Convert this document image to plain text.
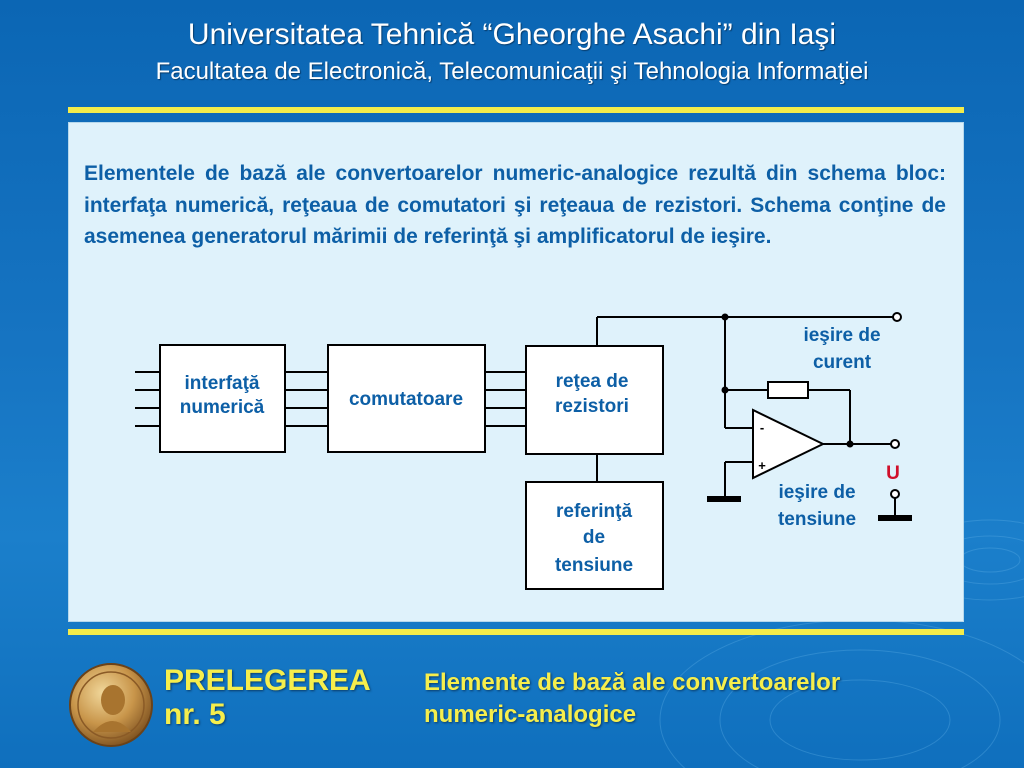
Universitatea Tehnică “Gheorghe Asachi” din Iaşi
Facultatea de Electronică, Telecomunicaţii şi Tehnologia Informaţiei

Elementele de bază ale convertoarelor numeric-analogice rezultă din schema bloc: interfaţa numerică, reţeaua de comutatori şi reţeaua de rezistori. Schema conţine de asemenea generatorul mărimii de referinţă şi amplificatorul de ieşire.

interfaţă
numerică	comutatoare
reţea de
rezistori
referinţă
de
tensiune
ieşire de
curent
ieşire de
tensiune
-
+	U
PRELEGEREA
nr. 5
Elemente de bază ale convertoarelor
numeric-analogice
